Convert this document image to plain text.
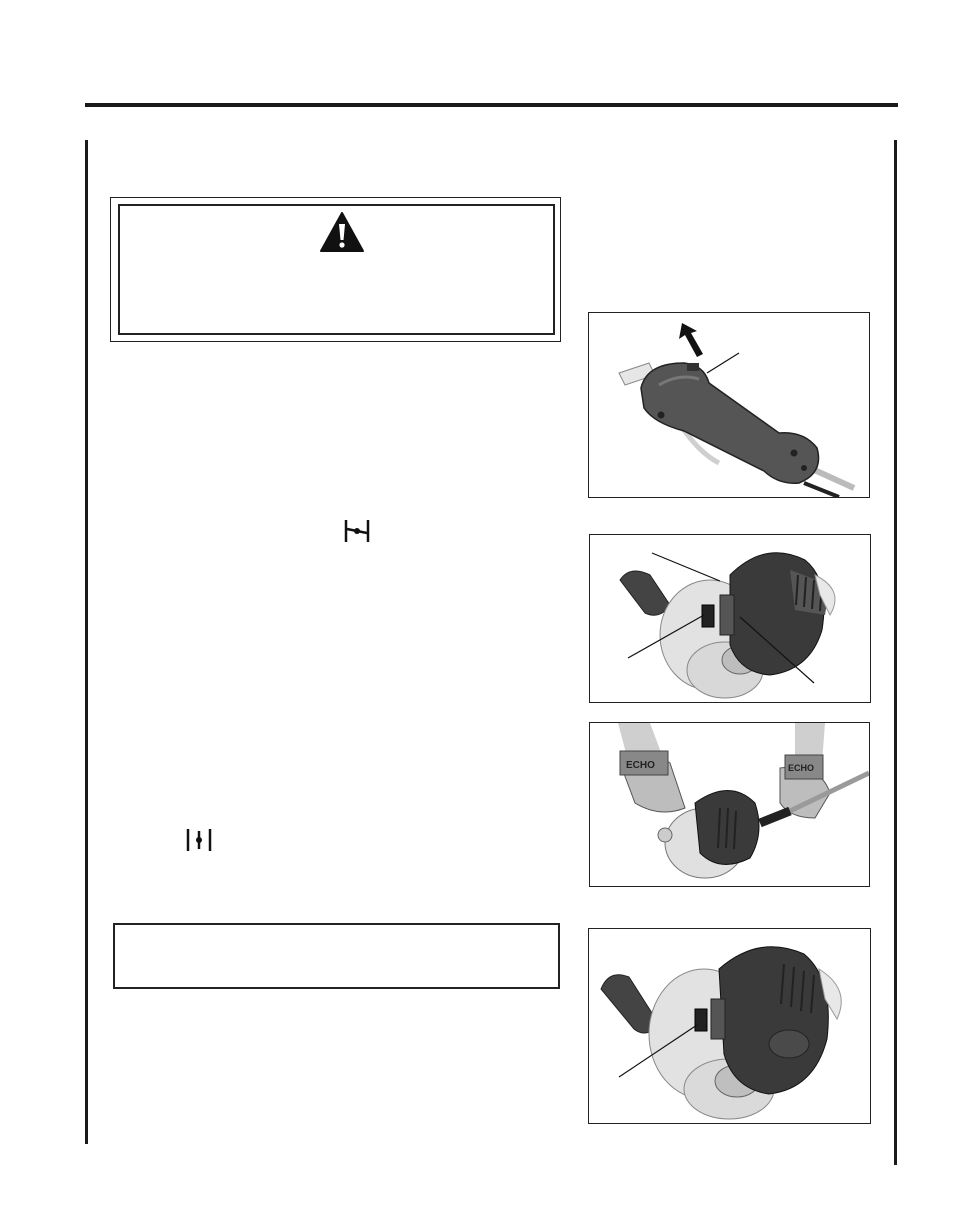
ECHO	ECHO
